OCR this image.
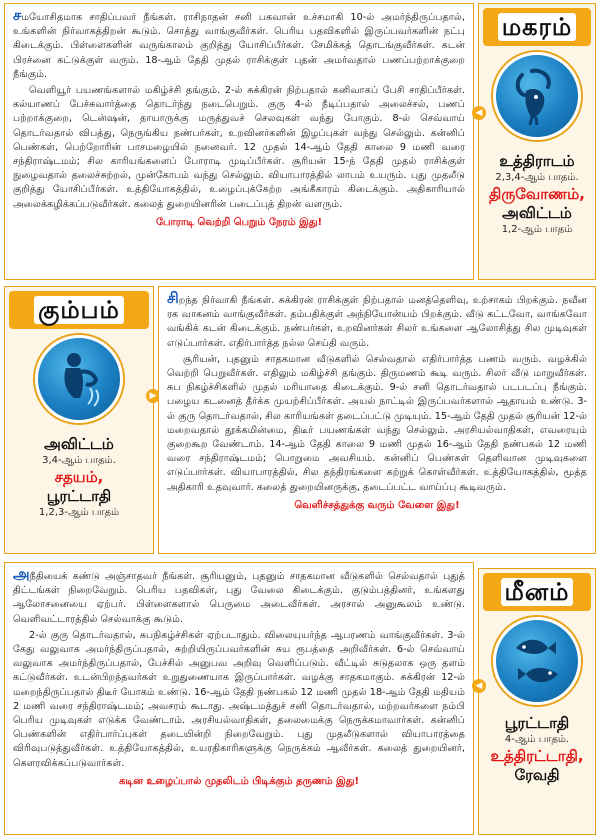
சமயோசிதமாக சாதிப்பவர் நீங்கள். ராசிநாதன் சனி பகவான் உச்சமாகி 10-ல் அமர்ந்திருப்பதால், உங்களின் நிர்வாகத்திறன் கூடும். சொத்து வாங்குவீர்கள். பெரிய பதவிகளில் இருப்பவர்களின் நட்பு கிடைக்கும். பிள்ளைகளின் வருங்காலம் குறித்து யோசிப்பீர்கள். சேமிக்கத் தொடங்குவீர்கள். கடன் பிரச்னை கட்டுக்குள் வரும். 18-ஆம் தேதி முதல் ராசிக்குள் புதன் அமர்வதால் பணப்பற்றாக்குறை நீங்கும்.

வெளியூர் பயணங்களால் மகிழ்ச்சி தங்கும். 2-ல் சுக்கிரன் நிற்பதால் கனிவாகப் பேசி சாதிப்பீர்கள். கல்யாணப் பேச்சுவார்த்தை தொடர்ந்து நடைபெறும். குரு 4-ல் நீடிப்பதால் அலைச்சல், பணப் பற்றாக்குறை, டென்ஷன், தாயாருக்கு மருத்துவச் செலவுகள் வந்து போகும். 8-ல் செவ்வாய் தொடர்வதால் விபத்து, நெருங்கிய நண்பர்கள், உறவினர்களின் இழப்புகள் வந்து செல்லும். கன்னிப் பெண்கள், பெற்றோரின் பாசமழையில் நனைவர். 12 முதல் 14-ஆம் தேதி காலை 9 மணி வரை சந்திராஷ்டமம்; சில காரியங்களைப் போராடி முடிப்பீர்கள். சூரியன் 15-ந் தேதி முதல் ராசிக்குள் நுழைவதால் தலைச்சுற்றல், முன்கோபம் வந்து செல்லும். வியாபாரத்தில் லாபம் உயரும். புது முதலீடு குறித்து யோசிப்பீர்கள். உத்தியோகத்தில், உழைப்புக்கேற்ற அங்கீகாரம் கிடைக்கும். அதிகாரியால் அலைக்கழிக்கப்படுவீர்கள். கலைத் துறையினரின் படைப்புத் திறன் வளரும்.

போராடி வெற்றி பெறும் நேரம் இது!
◀
மகரம்
உத்திராடம்
2,3,4-ஆம் பாதம்.
திருவோணம்,
அவிட்டம்
1,2-ஆம் பாதம்
▶
கும்பம்
அவிட்டம்
3,4-ஆம் பாதம்.
சதயம்,
பூரட்டாதி
1,2,3-ஆம் பாதம்

சிறந்த நிர்வாகி நீங்கள். சுக்கிரன் ராசிக்குள் நிற்பதால் மனத்தெளிவு, உற்சாகம் பிறக்கும். நவீன ரக வாகனம் வாங்குவீர்கள். தம்பதிக்குள் அந்நியோன்யம் பிறக்கும். வீடு கட்டவோ, வாங்கவோ வங்கிக் கடன் கிடைக்கும். நண்பர்கள், உறவினர்கள் சிலர் உங்களை ஆலோசித்து சில முடிவுகள் எடுப்பார்கள். எதிர்பார்த்த நல்ல செய்தி வரும்.

சூரியன், புதனும் சாதகமான வீடுகளில் செல்வதால் எதிர்பார்த்த பணம் வரும். வழக்கில் வெற்றி பெறுவீர்கள். எதிலும் மகிழ்ச்சி தங்கும். திருமணம் கூடி வரும். சிலர் வீடு மாறுவீர்கள். சுப நிகழ்ச்சிகளில் முதல் மரியாதை கிடைக்கும். 9-ல் சனி தொடர்வதால் படபடப்பு நீங்கும். பழைய கடனைத் தீர்க்க முயற்சிப்பீர்கள். அயல் நாட்டில் இருப்பவர்களால் ஆதாயம் உண்டு. 3-ல் குரு தொடர்வதால், சில காரியங்கள் தடைப்பட்டு முடியும். 15-ஆம் தேதி முதல் சூரியன் 12-ல் மறைவதால் தூக்கமின்மை, திடீர் பயணங்கள் வந்து செல்லும். அரசியல்வாதிகள், எவரையும் குறைகூற வேண்டாம். 14-ஆம் தேதி காலை 9 மணி முதல் 16-ஆம் தேதி நண்பகல் 12 மணி வரை சந்திராஷ்டமம்; பொறுமை அவசியம். கன்னிப் பெண்கள் தெளிவான முடிவுகளை எடுப்பார்கள். வியாபாரத்தில், சில தந்திரங்களை கற்றுக் கொள்வீர்கள். உத்தியோகத்தில், மூத்த அதிகாரி உதவுவார். கலைத் துறையினருக்கு, தடைப்பட்ட வாய்ப்பு கூடிவரும்.

வெளிச்சத்துக்கு வரும் வேளை இது!

அநீதியைக் கண்டு அஞ்சாதவர் நீங்கள். சூரியனும், புதனும் சாதகமான வீடுகளில் செல்வதால் புதுத் திட்டங்கள் நிறைவேறும். பெரிய பதவிகள், புது வேலை கிடைக்கும். குடும்பத்தினர், உங்களது ஆலோசனையை ஏற்பர். பிள்ளைகளால் பெருமை அடைவீர்கள். அரசால் அனுகூலம் உண்டு. வெளிவட்டாரத்தில் செல்வாக்கு கூடும்.

2-ல் குரு தொடர்வதால், சுபநிகழ்ச்சிகள் ஏற்படாதும். விலையுயர்ந்த ஆபரணம் வாங்குவீர்கள். 3-ல் கேது வலுவாக அமர்ந்திருப்பதால், சுற்றியிருப்பவர்களின் சுய ரூபத்தை அறிவீர்கள். 6-ல் செவ்வாய் வலுவாக அமர்ந்திருப்பதால், பேச்சில் அனுபவ அறிவு வெளிப்படும். வீட்டில் சுடுதலாக ஒரு தளம் கட்டுவீர்கள். உடன்பிறந்தவர்கள் உறுதுணையாக இருப்பார்கள். வழக்கு சாதகமாகும். சுக்கிரன் 12-ல் மறைந்திருப்பதால் திடீர் யோகம் உண்டு. 16-ஆம் தேதி நண்பகல் 12 மணி முதல் 18-ஆம் தேதி மதியம் 2 மணி வரை சந்திராஷ்டமம்; அவசரம் கூடாது. அஷ்டமத்துச் சனி தொடர்வதால், மற்றவர்களை நம்பி பெரிய முடிவுகள் எடுக்க வேண்டாம். அரசியல்வாதிகள், தலைமைக்கு நெருக்கமாவார்கள். கன்னிப் பெண்களின் எதிர்பார்ப்புகள் தடையின்றி நிறைவேறும். புது முதலீடுகளால் வியாபாரத்தை விரிவுபடுத்துவீர்கள். உத்தியோகத்தில், உயரதிகாரிகளுக்கு நெருக்கம் ஆவீர்கள். கலைத் துறையினர், கௌரவிக்கப்படுவார்கள்.

கடின உழைப்பால் முதலிடம் பிடிக்கும் தருணம் இது!
◀
மீனம்
பூரட்டாதி
4-ஆம் பாதம்.
உத்திரட்டாதி,
ரேவதி
